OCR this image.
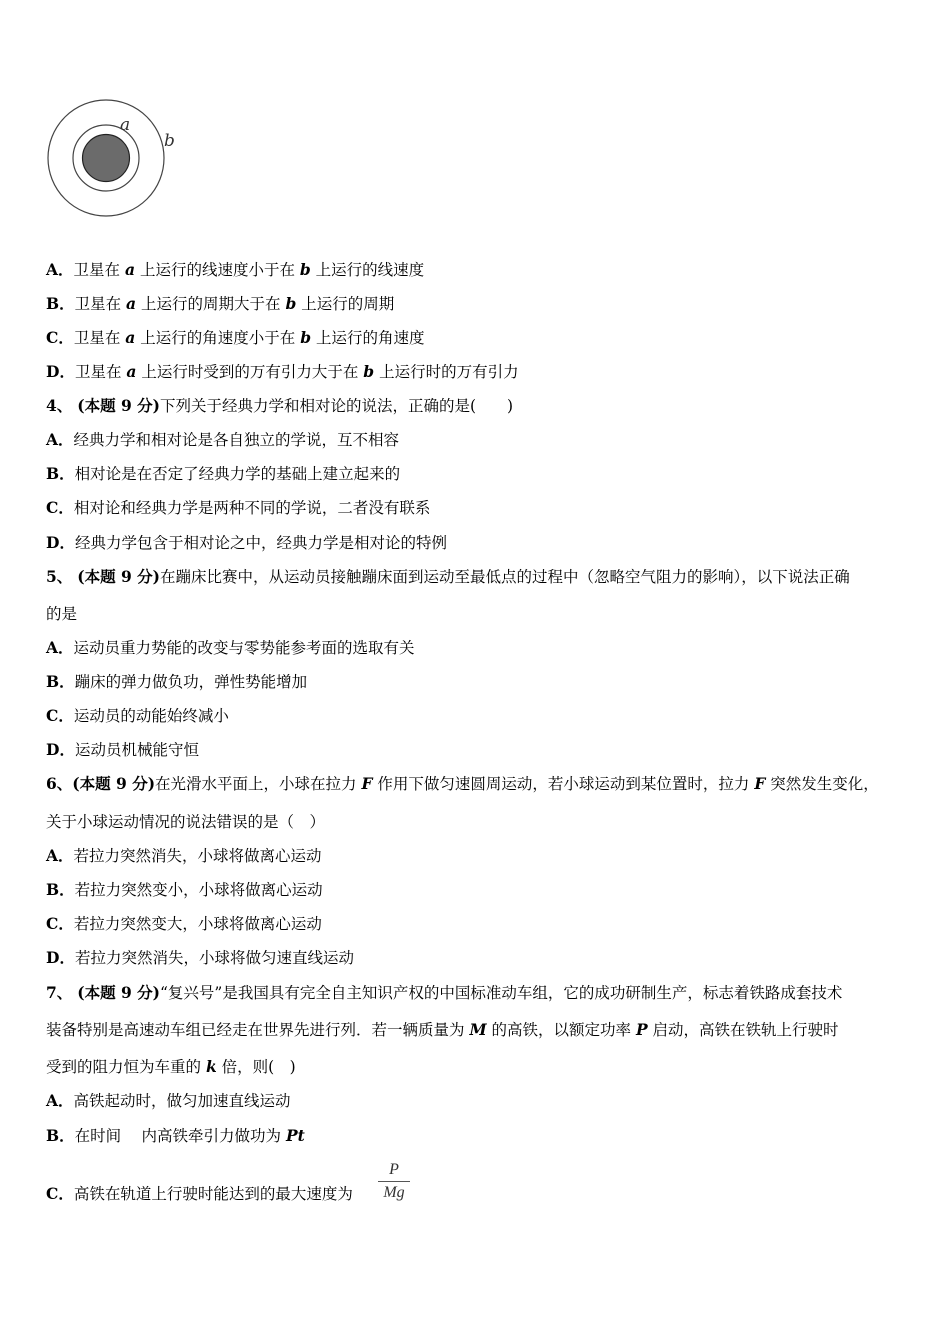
a
b
A．卫星在 a 上运行的线速度小于在 b 上运行的线速度
B．卫星在 a 上运行的周期大于在 b 上运行的周期
C．卫星在 a 上运行的角速度小于在 b 上运行的角速度
D．卫星在 a 上运行时受到的万有引力大于在 b 上运行时的万有引力
4、 (本题 9 分)下列关于经典力学和相对论的说法，正确的是(　　)
A．经典力学和相对论是各自独立的学说，互不相容
B．相对论是在否定了经典力学的基础上建立起来的
C．相对论和经典力学是两种不同的学说，二者没有联系
D．经典力学包含于相对论之中，经典力学是相对论的特例
5、 (本题 9 分)在蹦床比赛中，从运动员接触蹦床面到运动至最低点的过程中（忽略空气阻力的影响），以下说法正确
的是
A．运动员重力势能的改变与零势能参考面的选取有关
B．蹦床的弹力做负功，弹性势能增加
C．运动员的动能始终减小
D．运动员机械能守恒
6、(本题 9 分)在光滑水平面上，小球在拉力 F 作用下做匀速圆周运动，若小球运动到某位置时，拉力 F 突然发生变化，
关于小球运动情况的说法错误的是（　）
A．若拉力突然消失，小球将做离心运动
B．若拉力突然变小，小球将做离心运动
C．若拉力突然变大，小球将做离心运动
D．若拉力突然消失，小球将做匀速直线运动
7、 (本题 9 分)“复兴号”是我国具有完全自主知识产权的中国标准动车组，它的成功研制生产，标志着铁路成套技术
装备特别是高速动车组已经走在世界先进行列．若一辆质量为 M 的高铁，以额定功率 P 启动，高铁在铁轨上行驶时
受到的阻力恒为车重的 k 倍，则(　)
A．高铁起动时，做匀加速直线运动
B．在时间　 内高铁牵引力做功为 Pt
C．高铁在轨道上行驶时能达到的最大速度为
P
Mg
